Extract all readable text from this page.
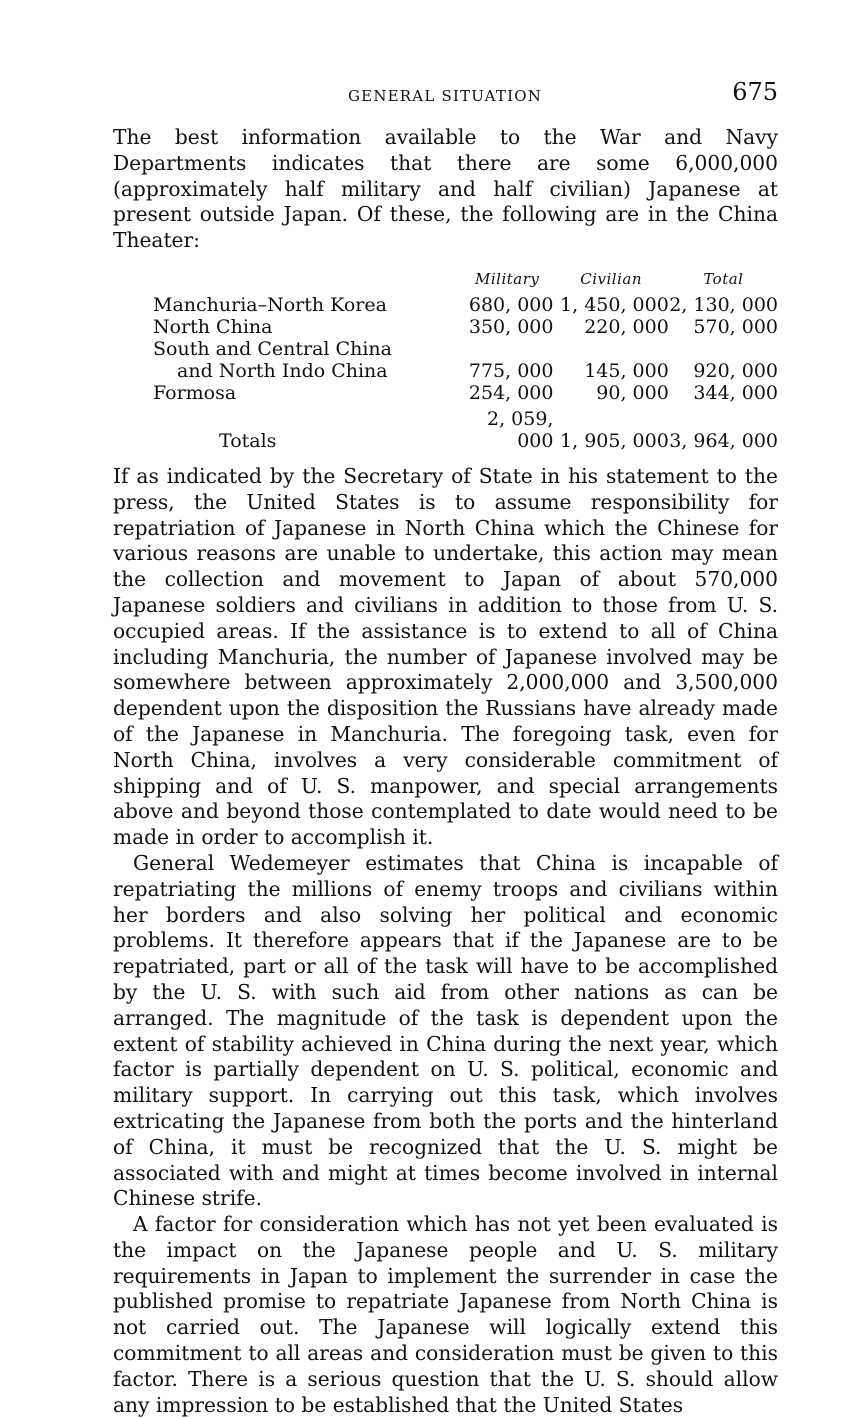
GENERAL SITUATION	675

The best information available to the War and Navy Departments indicates that there are some 6,000,000 (approximately half military and half civilian) Japanese at present outside Japan. Of these, the following are in the China Theater:

	Military	Civilian	Total
Manchuria–North Korea	680, 000	1, 450, 000	2, 130, 000
North China	350, 000	220, 000	570, 000
South and Central China			
and North Indo China	775, 000	145, 000	920, 000
Formosa	254, 000	90, 000	344, 000
Totals	2, 059, 000	1, 905, 000	3, 964, 000

If as indicated by the Secretary of State in his statement to the press, the United States is to assume responsibility for repatriation of Japanese in North China which the Chinese for various reasons are unable to undertake, this action may mean the collection and movement to Japan of about 570,000 Japanese soldiers and civilians in addition to those from U. S. occupied areas. If the assistance is to extend to all of China including Manchuria, the number of Japanese involved may be somewhere between approximately 2,000,000 and 3,500,000 dependent upon the disposition the Russians have already made of the Japanese in Manchuria. The foregoing task, even for North China, involves a very considerable commitment of shipping and of U. S. manpower, and special arrangements above and beyond those contemplated to date would need to be made in order to accomplish it.

General Wedemeyer estimates that China is incapable of repatriating the millions of enemy troops and civilians within her borders and also solving her political and economic problems. It therefore appears that if the Japanese are to be repatriated, part or all of the task will have to be accomplished by the U. S. with such aid from other nations as can be arranged. The magnitude of the task is dependent upon the extent of stability achieved in China during the next year, which factor is partially dependent on U. S. political, economic and military support. In carrying out this task, which involves extricating the Japanese from both the ports and the hinterland of China, it must be recognized that the U. S. might be associated with and might at times become involved in internal Chinese strife.

A factor for consideration which has not yet been evaluated is the impact on the Japanese people and U. S. military requirements in Japan to implement the surrender in case the published promise to repatriate Japanese from North China is not carried out. The Japanese will logically extend this commitment to all areas and consideration must be given to this factor. There is a serious question that the U. S. should allow any impression to be established that the United States
